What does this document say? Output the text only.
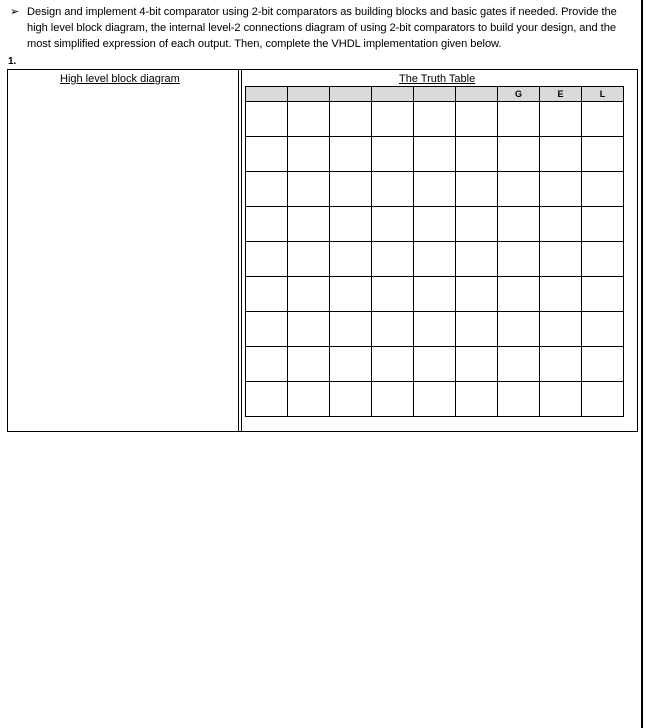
➢ Design and implement 4-bit comparator using 2-bit comparators as building blocks and basic gates if needed. Provide the high level block diagram, the internal level-2 connections diagram of using 2-bit comparators to build your design, and the most simplified expression of each output. Then, complete the VHDL implementation given below.
1.
High level block diagram	The Truth Table
						G	E	L
